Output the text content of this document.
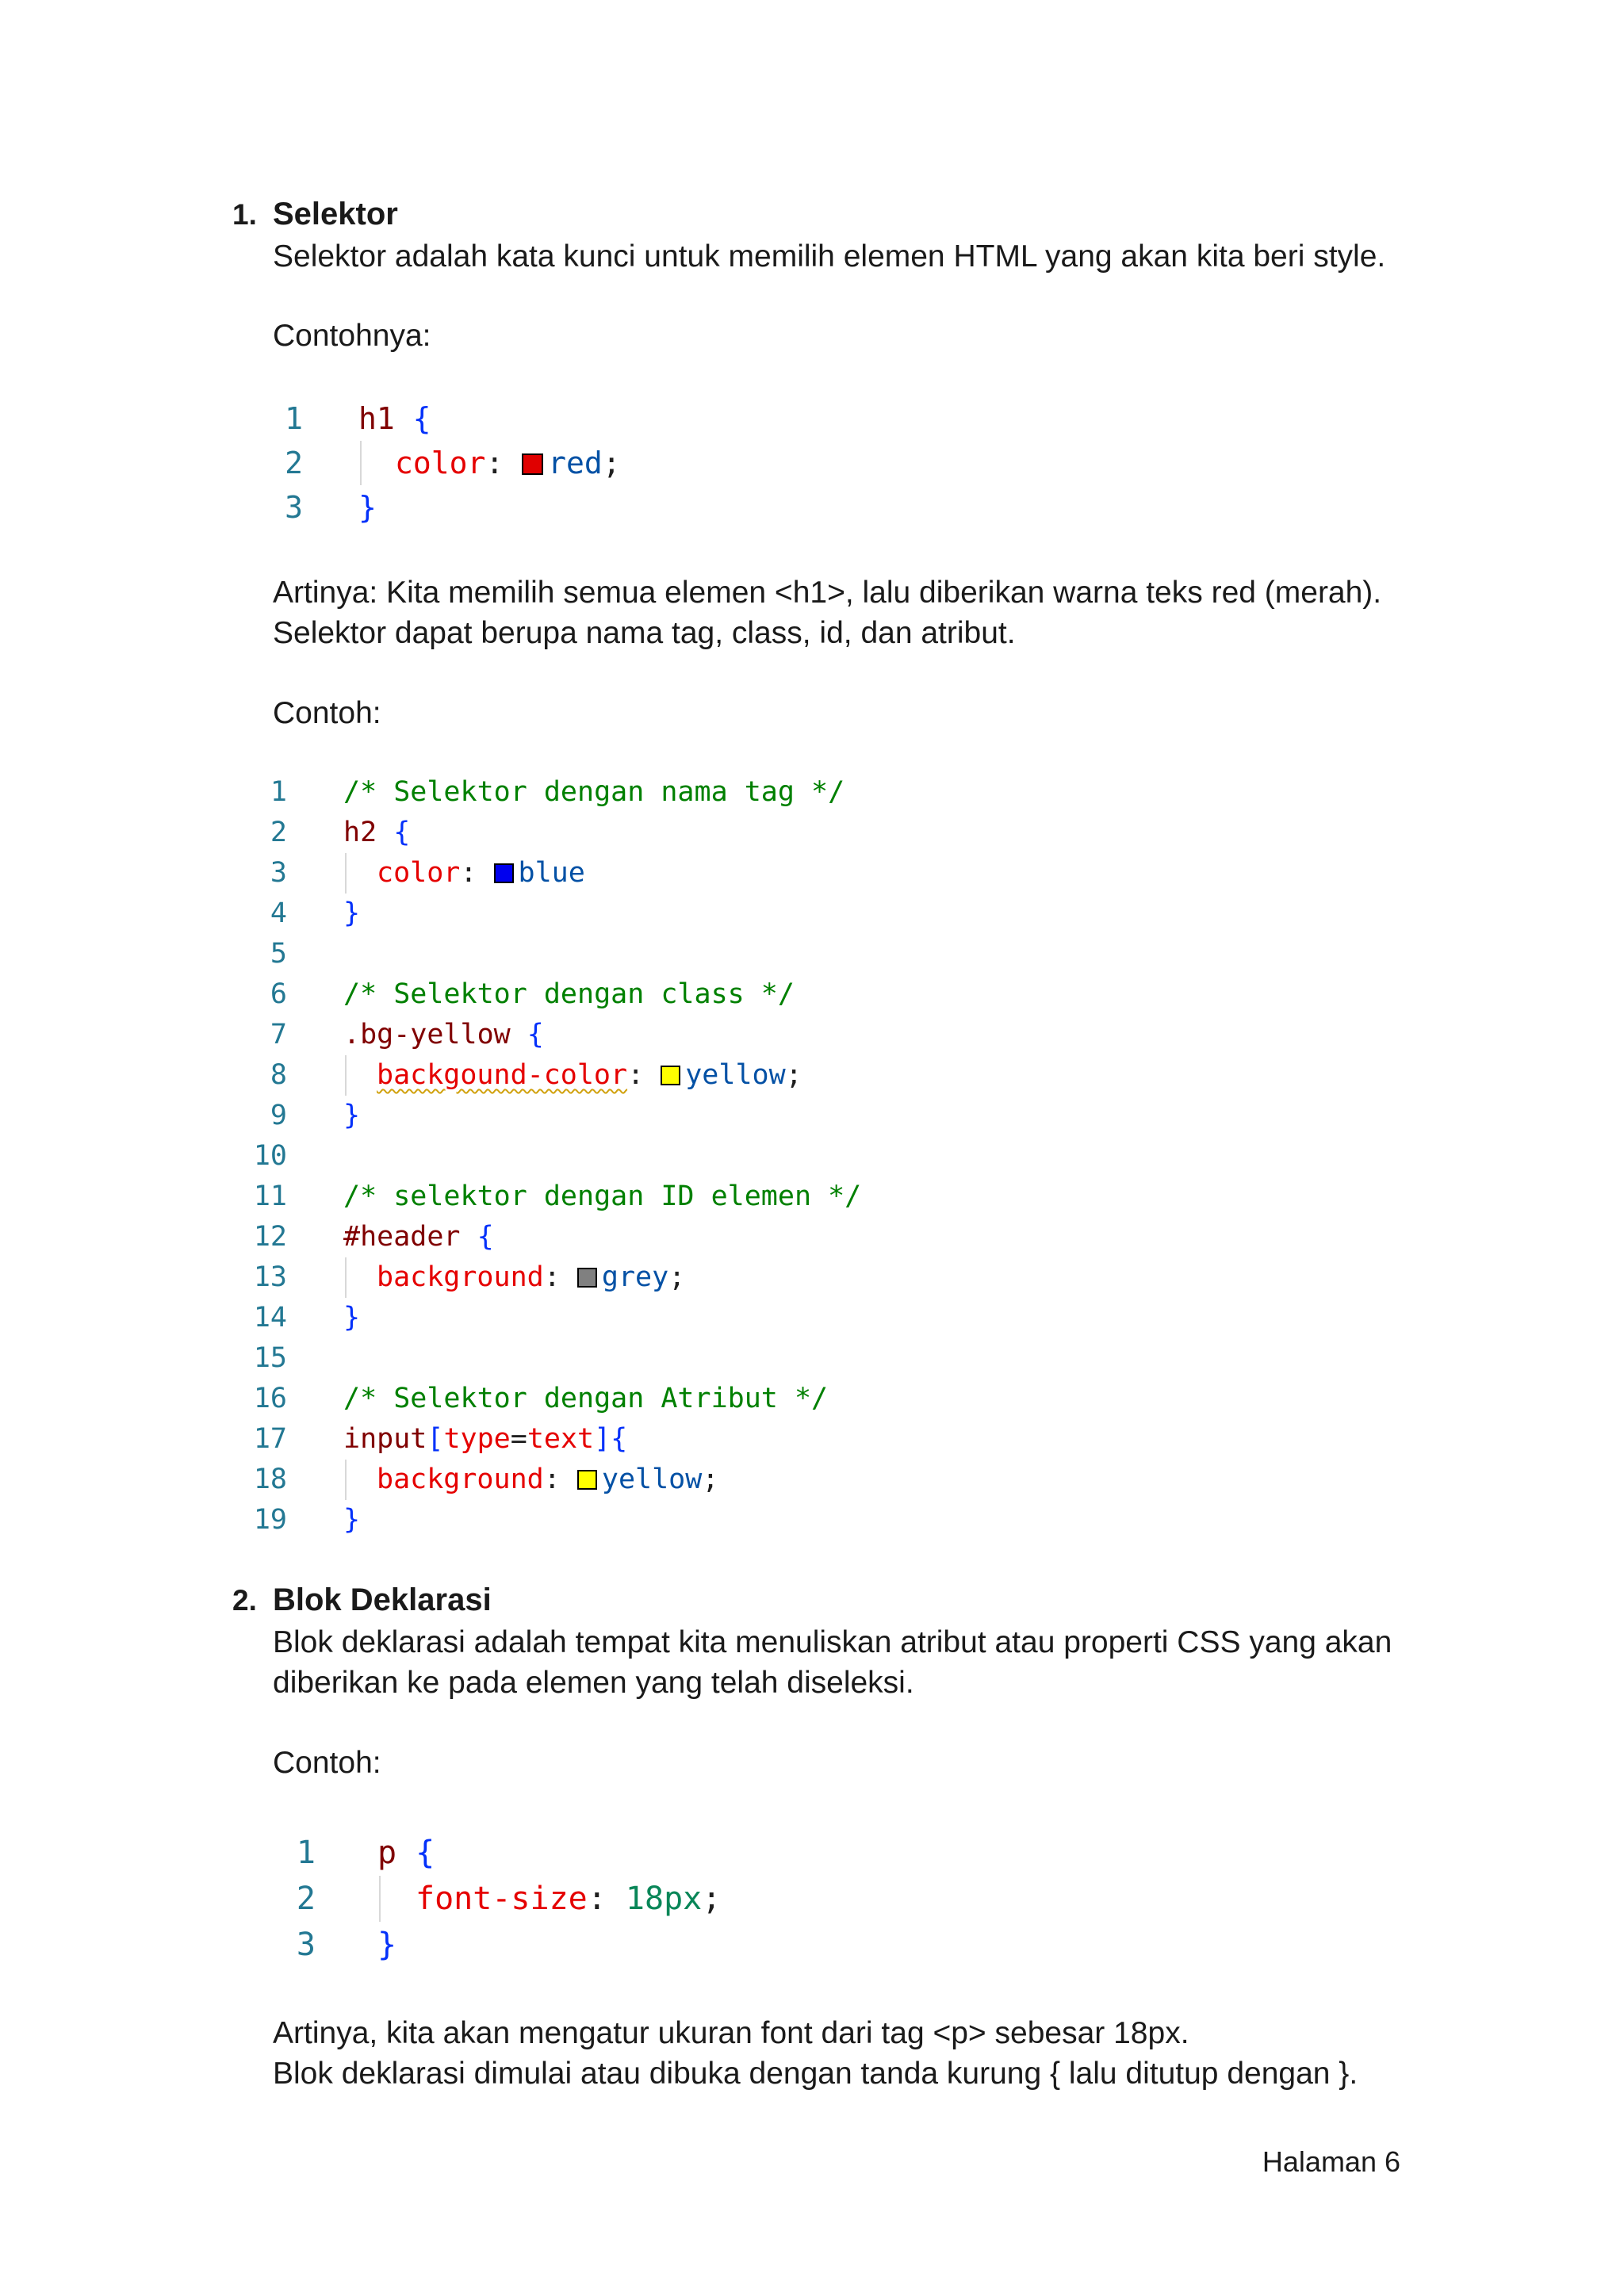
1. Selektor
Selektor adalah kata kunci untuk memilih elemen HTML yang akan kita beri style.
Contohnya:
1 h1 {
2	color: red;
3 }
Artinya: Kita memilih semua elemen <h1>, lalu diberikan warna teks red (merah).
Selektor dapat berupa nama tag, class, id, dan atribut.
Contoh:
1 /* Selektor dengan nama tag */
2 h2 {
3	color: blue
4 }
5
6 /* Selektor dengan class */
7 .bg-yellow {
8	backgound-color: yellow;
9 }
10
11 /* selektor dengan ID elemen */
12 #header {
13	background: grey;
14 }
15
16 /* Selektor dengan Atribut */
17 input[type=text]{
18	background: yellow;
19 }
2. Blok Deklarasi
Blok deklarasi adalah tempat kita menuliskan atribut atau properti CSS yang akan
diberikan ke pada elemen yang telah diseleksi.
Contoh:
1 p {
2	font-size: 18px;
3 }
Artinya, kita akan mengatur ukuran font dari tag <p> sebesar 18px.
Blok deklarasi dimulai atau dibuka dengan tanda kurung { lalu ditutup dengan }.
Halaman 6
